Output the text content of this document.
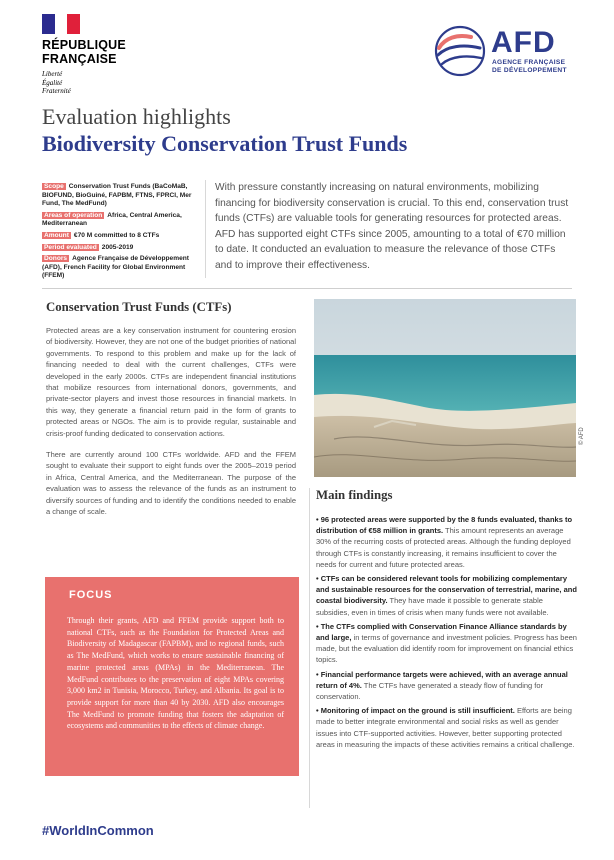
RÉPUBLIQUE
FRANÇAISE
Liberté
Égalité
Fraternité
AFD
AGENCE FRANÇAISE
DE DÉVELOPPEMENT
Evaluation highlights
Biodiversity Conservation Trust Funds
Scope Conservation Trust Funds (BaCoMaB, BIOFUND, BioGuiné, FAPBM, FTNS, FPRCI, Mer Fund, The MedFund)
Areas of operation Africa, Central America, Mediterranean
Amount €70 M committed to 8 CTFs
Period evaluated 2005-2019
Donors Agence Française de Développement (AFD), French Facility for Global Environment (FFEM)
With pressure constantly increasing on natural environments, mobilizing financing for biodiversity conservation is crucial. To this end, conservation trust funds (CTFs) are valuable tools for generating resources for protected areas. AFD has supported eight CTFs since 2005, amounting to a total of €70 million to date. It conducted an evaluation to measure the relevance of those CTFs and to improve their effectiveness.
Conservation Trust Funds (CTFs)

Protected areas are a key conservation instrument for countering erosion of biodiversity. However, they are not one of the budget priorities of national governments. To respond to this problem and make up for the lack of financing needed to deal with the current challenges, CTFs were developed in the early 2000s. CTFs are independent financial institutions that mobilize resources from international donors, governments, and private-sector players and invest those resources in financial markets. In this way, they generate a financial return paid in the form of grants to protected areas or NGOs. The aim is to provide regular, sustainable and crisis-proof funding dedicated to conservation actions.

There are currently around 100 CTFs worldwide. AFD and the FFEM sought to evaluate their support to eight funds over the 2005–2019 period in Africa, Central America, and the Mediterranean. The purpose of the evaluation was to assess the relevance of the funds as an instrument to diversify sources of funding and to identify the conditions needed to enable a change of scale.

© AFD
FOCUS
Through their grants, AFD and FFEM provide support both to national CTFs, such as the Foundation for Protected Areas and Biodiversity of Madagascar (FAPBM), and to regional funds, such as The MedFund, which works to ensure sustainable financing of marine protected areas (MPAs) in the Mediterranean. The MedFund contributes to the preservation of eight MPAs covering 3,000 km2 in Tunisia, Morocco, Turkey, and Albania. Its goal is to provide support for more than 40 by 2030. AFD also encourages The MedFund to promote funding that fosters the adaptation of ecosystems and communities to the effects of climate change.
Main findings
• 96 protected areas were supported by the 8 funds evaluated, thanks to distribution of €58 million in grants. This amount represents an average 30% of the recurring costs of protected areas. Although the funding deployed through CTFs is constantly increasing, it remains insufficient to cover the needs for current and future protected areas.
• CTFs can be considered relevant tools for mobilizing complementary and sustainable resources for the conservation of terrestrial, marine, and coastal biodiversity. They have made it possible to generate stable subsidies, even in times of crisis when many funds were not available.
• The CTFs complied with Conservation Finance Alliance standards by and large, in terms of governance and investment policies. Progress has been made, but the evaluation did identify room for improvement on financial ethics topics.
• Financial performance targets were achieved, with an average annual return of 4%. The CTFs have generated a steady flow of funding for conservation.
• Monitoring of impact on the ground is still insufficient. Efforts are being made to better integrate environmental and social risks as well as gender issues into CTF-supported activities. However, better supporting protected areas in measuring the impacts of these activities remains a critical challenge.
#WorldInCommon
